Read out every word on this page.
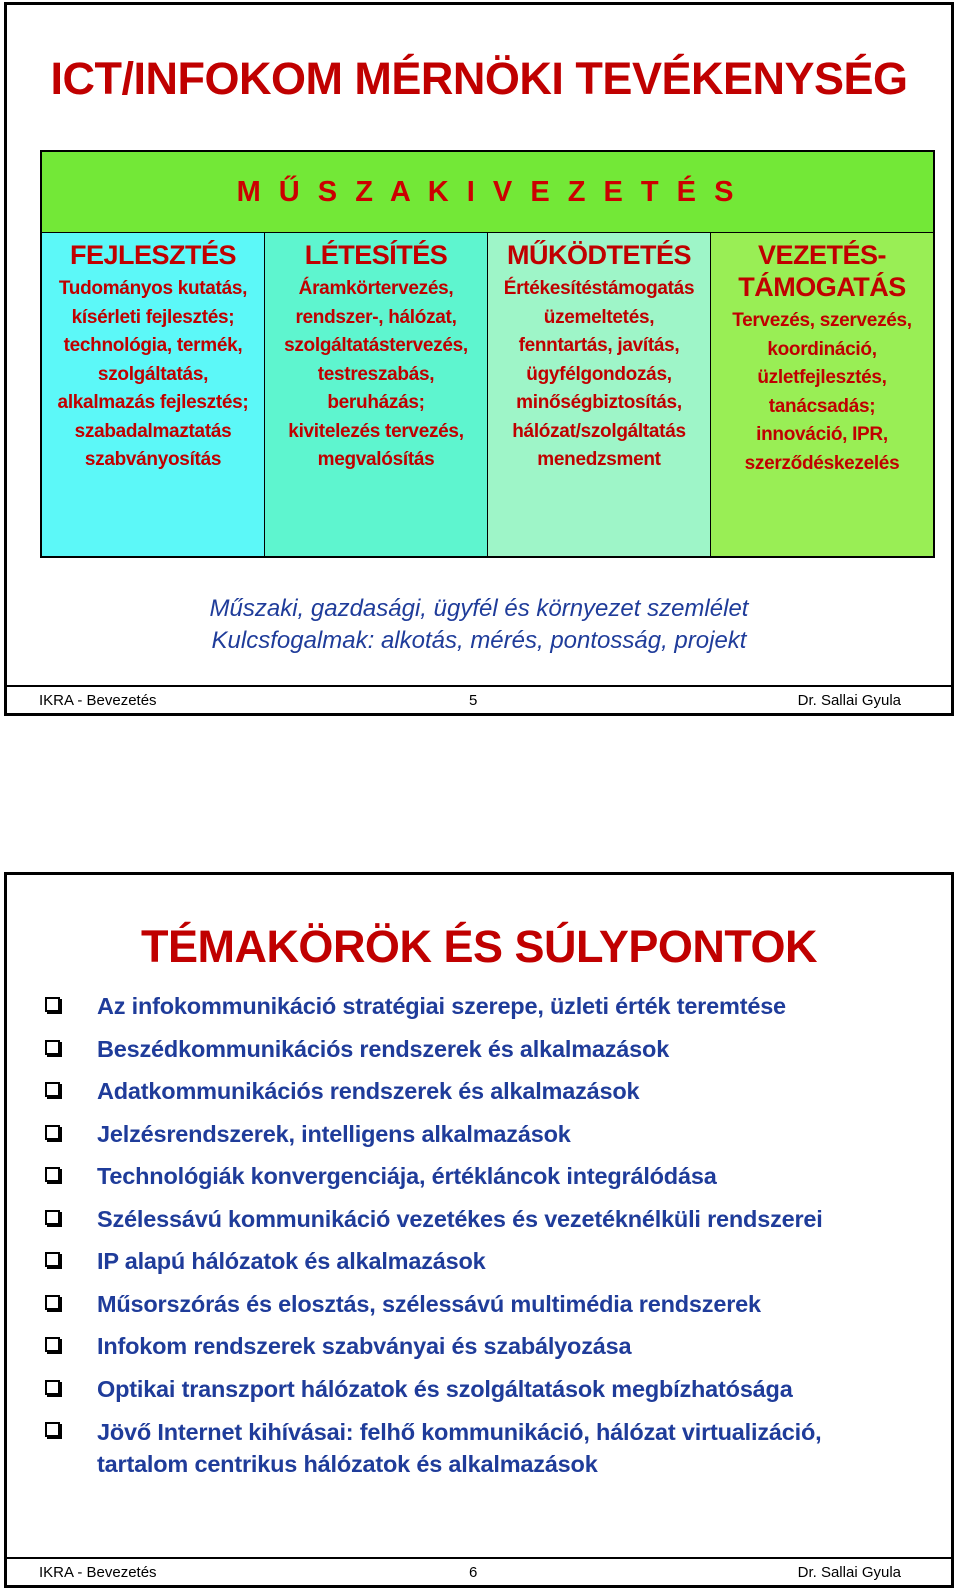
ICT/INFOKOM MÉRNÖKI TEVÉKENYSÉG
M Ű S Z A K I V E Z E T É S
FEJLESZTÉS
Tudományos kutatás,
kísérleti fejlesztés;
technológia, termék,
szolgáltatás,
alkalmazás fejlesztés;
szabadalmaztatás
szabványosítás
LÉTESÍTÉS
Áramkörtervezés,
rendszer-, hálózat,
szolgáltatástervezés,
testreszabás,
beruházás;
kivitelezés tervezés,
megvalósítás
MŰKÖDTETÉS
Értékesítéstámogatás
üzemeltetés,
fenntartás, javítás,
ügyfélgondozás,
minőségbiztosítás,
hálózat/szolgáltatás
menedzsment
VEZETÉS-
TÁMOGATÁS
Tervezés, szervezés,
koordináció,
üzletfejlesztés,
tanácsadás;
innováció, IPR,
szerződéskezelés
Műszaki, gazdasági, ügyfél és környezet szemlélet
Kulcsfogalmak: alkotás, mérés, pontosság, projekt
IKRA - Bevezetés	5	Dr. Sallai Gyula
TÉMAKÖRÖK ÉS SÚLYPONTOK
Az infokommunikáció stratégiai szerepe, üzleti érték teremtése
Beszédkommunikációs rendszerek és alkalmazások
Adatkommunikációs rendszerek és alkalmazások
Jelzésrendszerek, intelligens alkalmazások
Technológiák konvergenciája, értékláncok integrálódása
Szélessávú kommunikáció vezetékes és vezetéknélküli rendszerei
IP alapú hálózatok és alkalmazások
Műsorszórás és elosztás, szélessávú multimédia rendszerek
Infokom rendszerek szabványai és szabályozása
Optikai transzport hálózatok és szolgáltatások megbízhatósága
Jövő Internet kihívásai: felhő kommunikáció, hálózat virtualizáció,
tartalom centrikus hálózatok és alkalmazások
IKRA - Bevezetés	6	Dr. Sallai Gyula
